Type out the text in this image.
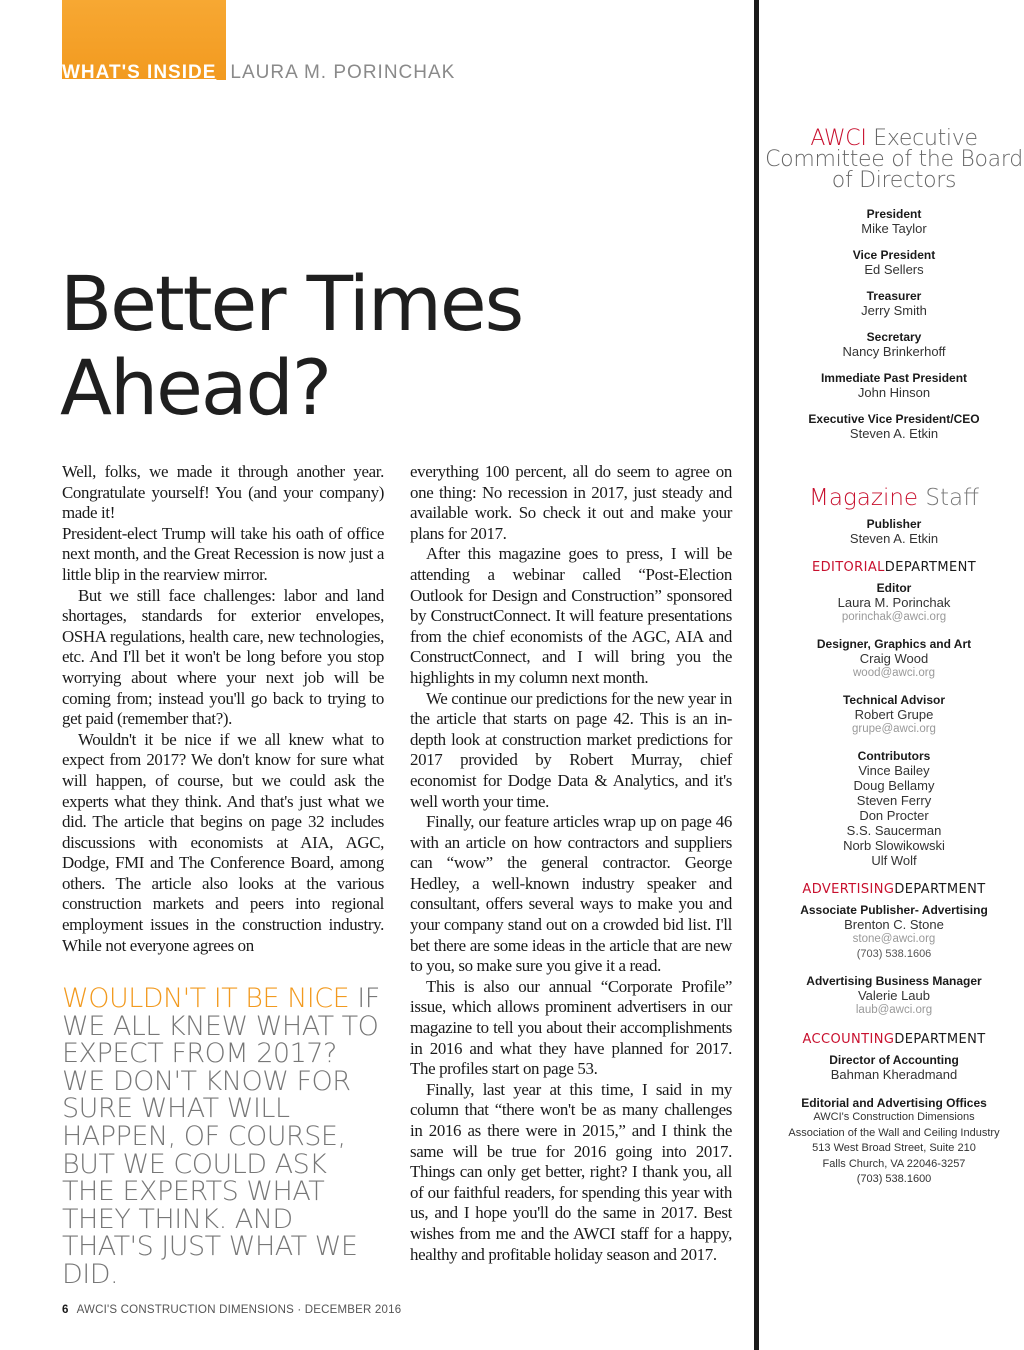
WHAT'S INSIDE LAURA M. PORINCHAK
Better Times
Ahead?

Well, folks, we made it through another year. Congratulate yourself! You (and your company) made it!

President-elect Trump will take his oath of office next month, and the Great Recession is now just a little blip in the rearview mirror.

But we still face challenges: labor and land shortages, standards for exterior envelopes, OSHA regulations, health care, new technologies, etc. And I'll bet it won't be long before you stop worrying about where your next job will be coming from; instead you'll go back to trying to get paid (remember that?).

Wouldn't it be nice if we all knew what to expect from 2017? We don't know for sure what will happen, of course, but we could ask the experts what they think. And that's just what we did. The article that begins on page 32 includes discussions with economists at AIA, AGC, Dodge, FMI and The Conference Board, among others. The article also looks at the various construction markets and peers into regional employment issues in the construction industry. While not everyone agrees on

everything 100 percent, all do seem to agree on one thing: No recession in 2017, just steady and available work. So check it out and make your plans for 2017.

After this magazine goes to press, I will be attending a webinar called “Post-Election Outlook for Design and Construction” sponsored by ConstructConnect. It will feature presentations from the chief economists of the AGC, AIA and ConstructConnect, and I will bring you the highlights in my column next month.

We continue our predictions for the new year in the article that starts on page 42. This is an in-depth look at construction market predictions for 2017 provided by Robert Murray, chief economist for Dodge Data & Analytics, and it's well worth your time.

Finally, our feature articles wrap up on page 46 with an article on how contractors and suppliers can “wow” the general contractor. George Hedley, a well-known industry speaker and consultant, offers several ways to make you and your company stand out on a crowded bid list. I'll bet there are some ideas in the article that are new to you, so make sure you give it a read.

This is also our annual “Corporate Profile” issue, which allows prominent advertisers in our magazine to tell you about their accomplishments in 2016 and what they have planned for 2017. The profiles start on page 53.

Finally, last year at this time, I said in my column that “there won't be as many challenges in 2016 as there were in 2015,” and I think the same will be true for 2016 going into 2017. Things can only get better, right? I thank you, all of our faithful readers, for spending this year with us, and I hope you'll do the same in 2017. Best wishes from me and the AWCI staff for a happy, healthy and profitable holiday season and 2017.

WOULDN'T IT BE NICE IF WE ALL KNEW WHAT TO EXPECT FROM 2017? WE DON'T KNOW FOR SURE WHAT WILL HAPPEN, OF COURSE, BUT WE COULD ASK THE EXPERTS WHAT THEY THINK. AND THAT'S JUST WHAT WE DID.
6 AWCI'S CONSTRUCTION DIMENSIONS · DECEMBER 2016
AWCI Executive Committee of the Board of Directors
President
Mike Taylor
Vice President
Ed Sellers
Treasurer
Jerry Smith
Secretary
Nancy Brinkerhoff
Immediate Past President
John Hinson
Executive Vice President/CEO
Steven A. Etkin
Magazine Staff
Publisher
Steven A. Etkin
EDITORIALDEPARTMENT
Editor
Laura M. Porinchak
porinchak@awci.org
Designer, Graphics and Art
Craig Wood
wood@awci.org
Technical Advisor
Robert Grupe
grupe@awci.org
Contributors
Vince Bailey
Doug Bellamy
Steven Ferry
Don Procter
S.S. Saucerman
Norb Slowikowski
Ulf Wolf
ADVERTISINGDEPARTMENT
Associate Publisher- Advertising
Brenton C. Stone
stone@awci.org
(703) 538.1606
Advertising Business Manager
Valerie Laub
laub@awci.org
ACCOUNTINGDEPARTMENT
Director of Accounting
Bahman Kheradmand
Editorial and Advertising Offices
AWCI's Construction Dimensions
Association of the Wall and Ceiling Industry
513 West Broad Street, Suite 210
Falls Church, VA 22046-3257
(703) 538.1600
